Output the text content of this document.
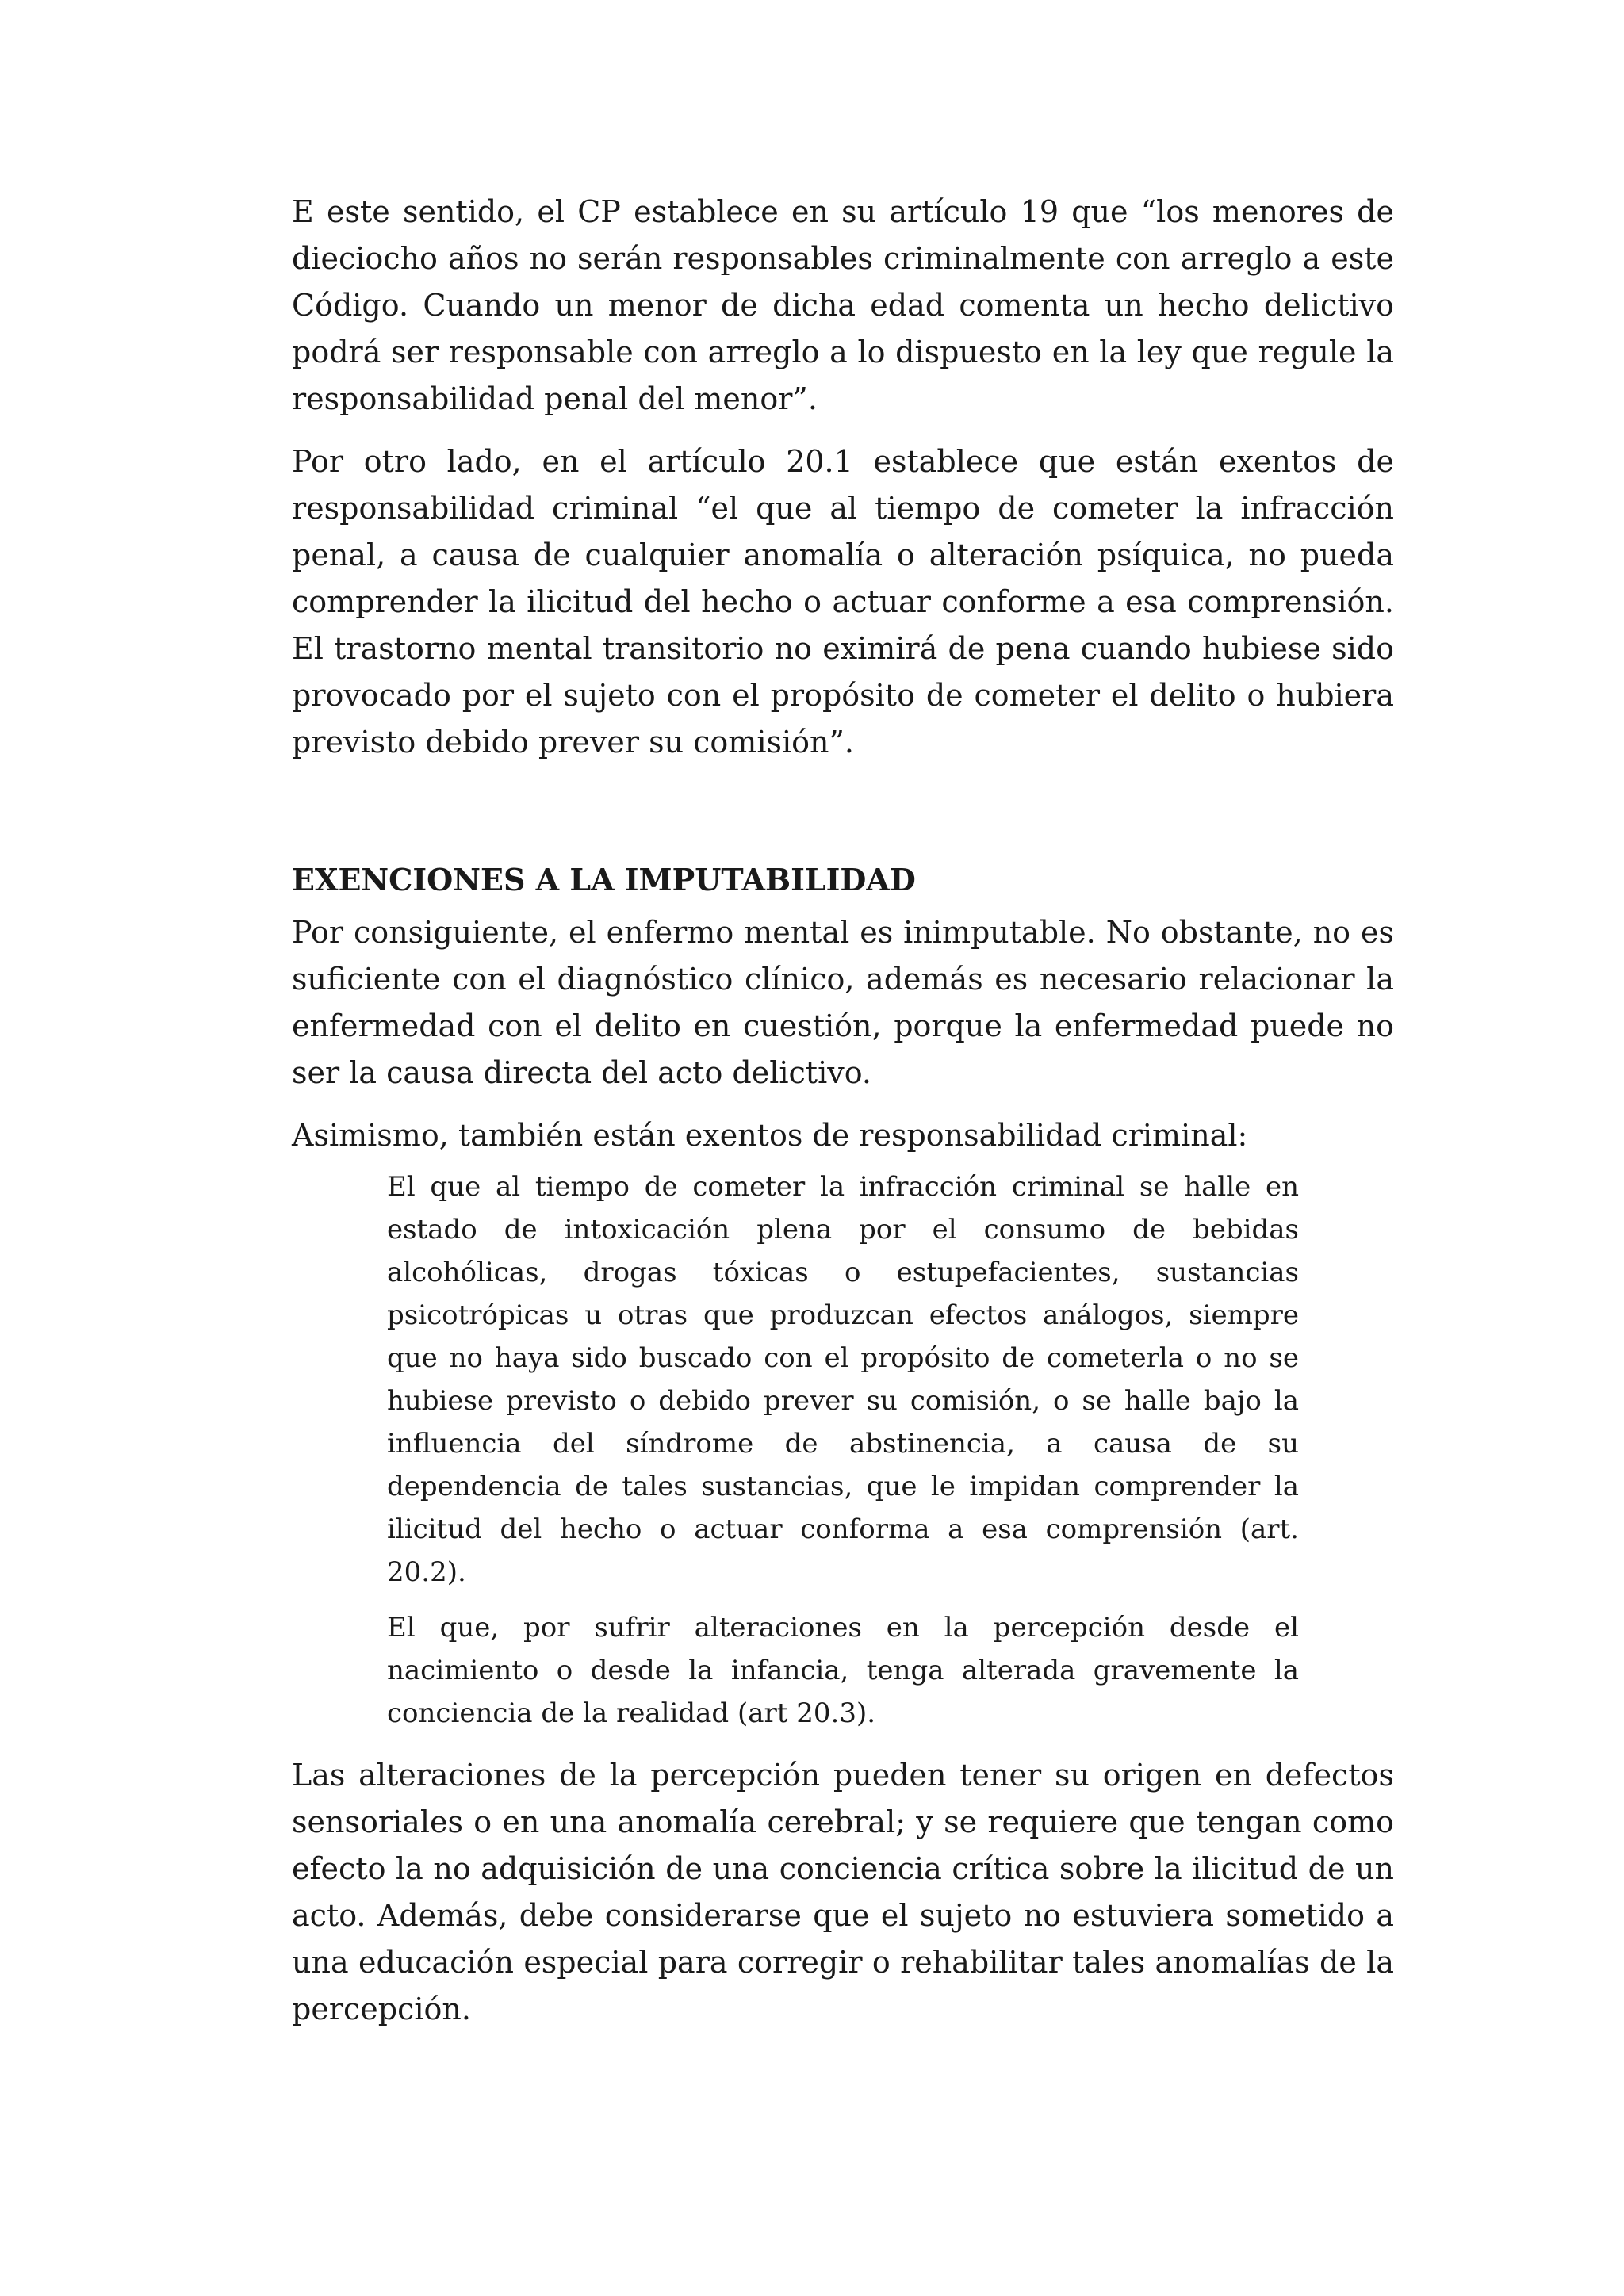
E este sentido, el CP establece en su artículo 19 que “los menores de dieciocho años no serán responsables criminalmente con arreglo a este Código. Cuando un menor de dicha edad comenta un hecho delictivo podrá ser responsable con arreglo a lo dispuesto en la ley que regule la responsabilidad penal del menor”.

Por otro lado, en el artículo 20.1 establece que están exentos de responsabilidad criminal “el que al tiempo de cometer la infracción penal, a causa de cualquier anomalía o alteración psíquica, no pueda comprender la ilicitud del hecho o actuar conforme a esa comprensión. El trastorno mental transitorio no eximirá de pena cuando hubiese sido provocado por el sujeto con el propósito de cometer el delito o hubiera previsto debido prever su comisión”.

EXENCIONES A LA IMPUTABILIDAD

Por consiguiente, el enfermo mental es inimputable. No obstante, no es suficiente con el diagnóstico clínico, además es necesario relacionar la enfermedad con el delito en cuestión, porque la enfermedad puede no ser la causa directa del acto delictivo.

Asimismo, también están exentos de responsabilidad criminal:

El que al tiempo de cometer la infracción criminal se halle en estado de intoxicación plena por el consumo de bebidas alcohólicas, drogas tóxicas o estupefacientes, sustancias psicotrópicas u otras que produzcan efectos análogos, siempre que no haya sido buscado con el propósito de cometerla o no se hubiese previsto o debido prever su comisión, o se halle bajo la influencia del síndrome de abstinencia, a causa de su dependencia de tales sustancias, que le impidan comprender la ilicitud del hecho o actuar conforma a esa comprensión (art. 20.2).

El que, por sufrir alteraciones en la percepción desde el nacimiento o desde la infancia, tenga alterada gravemente la conciencia de la realidad (art 20.3).

Las alteraciones de la percepción pueden tener su origen en defectos sensoriales o en una anomalía cerebral; y se requiere que tengan como efecto la no adquisición de una conciencia crítica sobre la ilicitud de un acto. Además, debe considerarse que el sujeto no estuviera sometido a una educación especial para corregir o rehabilitar tales anomalías de la percepción.
